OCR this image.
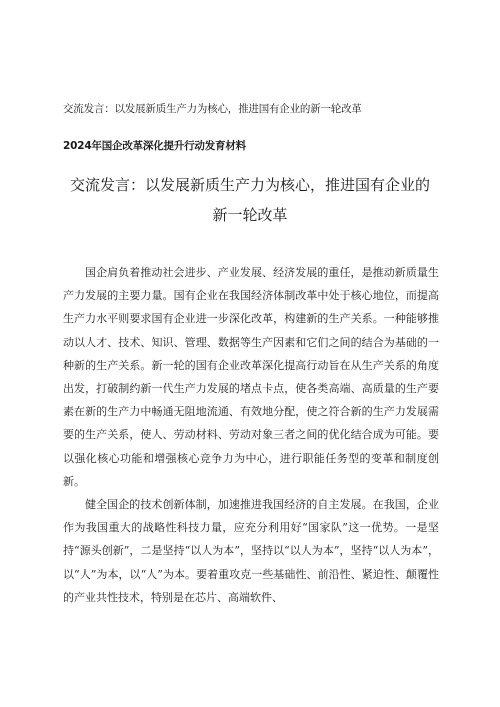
交流发言：以发展新质生产力为核心，推进国有企业的新一轮改革
2024年国企改革深化提升行动发育材料
交流发言：以发展新质生产力为核心，推进国有企业的
新一轮改革

国企肩负着推动社会进步、产业发展、经济发展的重任，是推动新质量生产力发展的主要力量。国有企业在我国经济体制改革中处于核心地位，而提高生产力水平则要求国有企业进一步深化改革，构建新的生产关系。一种能够推动以人才、技术、知识、管理、数据等生产因素和它们之间的结合为基础的一种新的生产关系。新一轮的国有企业改革深化提高行动旨在从生产关系的角度出发，打破制约新一代生产力发展的堵点卡点，使各类高端、高质量的生产要素在新的生产力中畅通无阻地流通、有效地分配，使之符合新的生产力发展需要的生产关系，使人、劳动材料、劳动对象三者之间的优化结合成为可能。要以强化核心功能和增强核心竞争力为中心，进行职能任务型的变革和制度创新。

健全国企的技术创新体制，加速推进我国经济的自主发展。在我国，企业作为我国重大的战略性科技力量，应充分利用好“国家队”这一优势。一是坚持“源头创新”，二是坚持“以人为本”，坚持以“以人为本”，坚持“以人为本”，以“人”为本，以“人”为本。要着重攻克一些基础性、前沿性、紧迫性、颠覆性的产业共性技术，特别是在芯片、高端软件、
